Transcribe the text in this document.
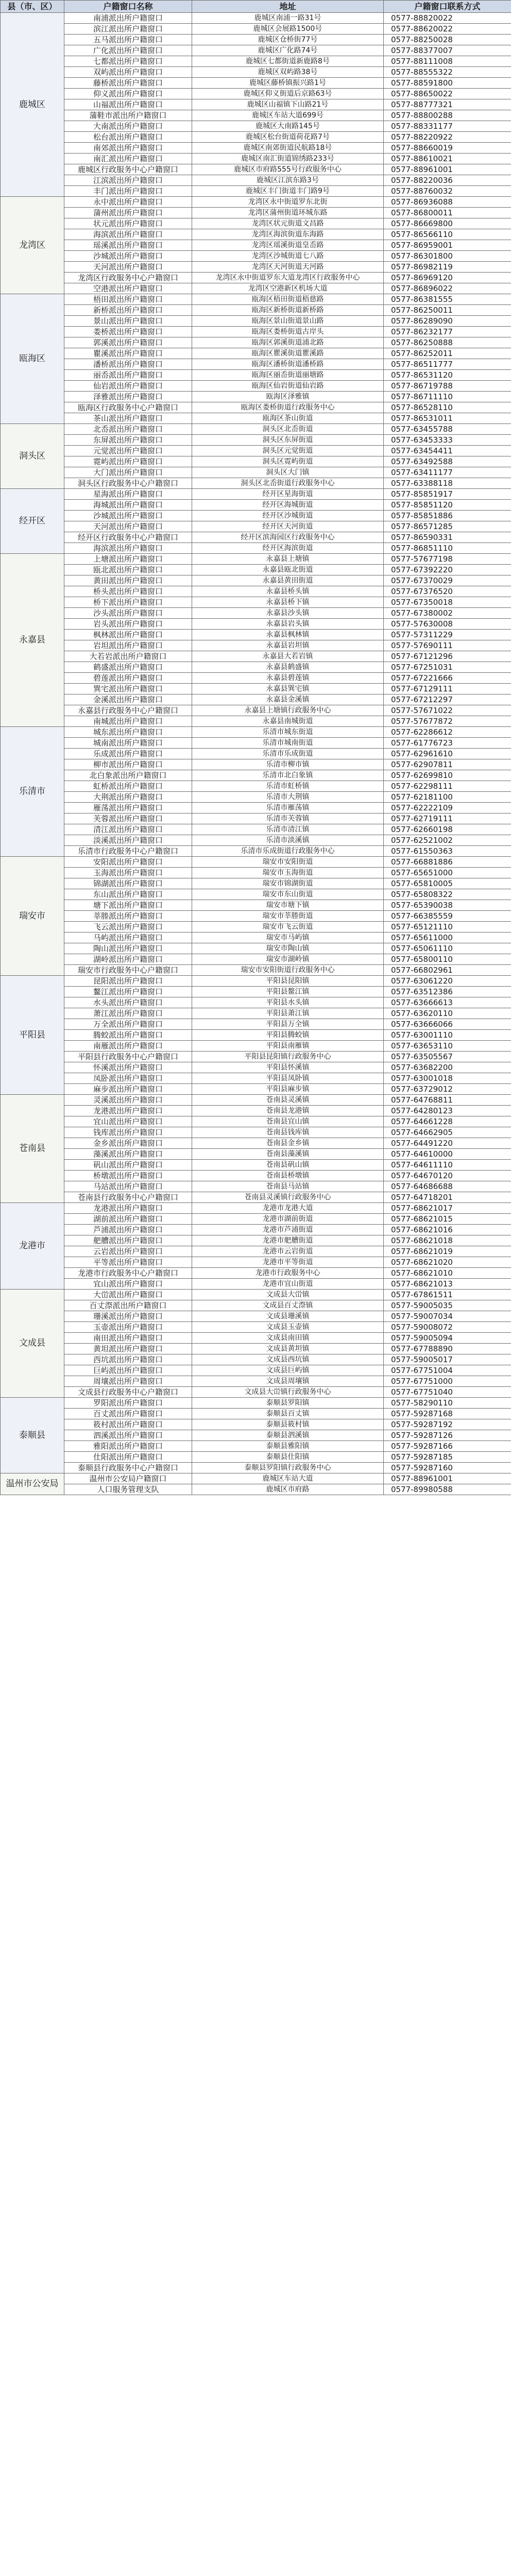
县（市、区）	户籍窗口名称	地址	户籍窗口联系方式
鹿城区	南浦派出所户籍窗口	鹿城区南浦一路31号	0577-88820022
	滨江派出所户籍窗口	鹿城区会展路1500号	0577-88620022
	五马派出所户籍窗口	鹿城区仓桥街77号	0577-88250028
	广化派出所户籍窗口	鹿城区广化路74号	0577-88377007
	七都派出所户籍窗口	鹿城区七都街道新鹿路8号	0577-88111008
	双屿派出所户籍窗口	鹿城区双屿路38号	0577-88555322
	藤桥派出所户籍窗口	鹿城区藤桥镇振兴路1号	0577-88591800
	仰义派出所户籍窗口	鹿城区仰义街道后京路63号	0577-88650022
	山福派出所户籍窗口	鹿城区山福镇下山路21号	0577-88777321
	蒲鞋市派出所户籍窗口	鹿城区车站大道699号	0577-88800288
	大南派出所户籍窗口	鹿城区大南路145号	0577-88331177
	松台派出所户籍窗口	鹿城区松台街道荷花路7号	0577-88220922
	南郊派出所户籍窗口	鹿城区南郊街道民航路18号	0577-88660019
	南汇派出所户籍窗口	鹿城区南汇街道锦绣路233号	0577-88610021
	鹿城区行政服务中心户籍窗口	鹿城区市府路555号行政服务中心	0577-88961001
	江滨派出所户籍窗口	鹿城区江滨东路3号	0577-88220036
	丰门派出所户籍窗口	鹿城区丰门街道丰门路9号	0577-88760032
龙湾区	永中派出所户籍窗口	龙湾区永中街道罗东北街	0577-86936088
	蒲州派出所户籍窗口	龙湾区蒲州街道环城东路	0577-86800011
	状元派出所户籍窗口	龙湾区状元街道文昌路	0577-86669800
	海滨派出所户籍窗口	龙湾区海滨街道东海路	0577-86566110
	瑶溪派出所户籍窗口	龙湾区瑶溪街道皇岙路	0577-86959001
	沙城派出所户籍窗口	龙湾区沙城街道七八路	0577-86301800
	天河派出所户籍窗口	龙湾区天河街道天河路	0577-86982119
	龙湾区行政服务中心户籍窗口	龙湾区永中街道罗东大道龙湾区行政服务中心	0577-86969120
	空港派出所户籍窗口	龙湾区空港新区机场大道	0577-86896022
瓯海区	梧田派出所户籍窗口	瓯海区梧田街道梧慈路	0577-86381555
	新桥派出所户籍窗口	瓯海区新桥街道新桥路	0577-86250011
	景山派出所户籍窗口	瓯海区景山街道景山路	0577-86289090
	娄桥派出所户籍窗口	瓯海区娄桥街道古岸头	0577-86232177
	郭溪派出所户籍窗口	瓯海区郭溪街道浦北路	0577-86250888
	瞿溪派出所户籍窗口	瓯海区瞿溪街道瞿溪路	0577-86252011
	潘桥派出所户籍窗口	瓯海区潘桥街道潘桥路	0577-86511777
	丽岙派出所户籍窗口	瓯海区丽岙街道丽塘路	0577-86531120
	仙岩派出所户籍窗口	瓯海区仙岩街道仙岩路	0577-86719788
	泽雅派出所户籍窗口	瓯海区泽雅镇	0577-86711110
	瓯海区行政服务中心户籍窗口	瓯海区娄桥街道行政服务中心	0577-86528110
	茶山派出所户籍窗口	瓯海区茶山街道	0577-86531011
洞头区	北岙派出所户籍窗口	洞头区北岙街道	0577-63455788
	东屏派出所户籍窗口	洞头区东屏街道	0577-63453333
	元觉派出所户籍窗口	洞头区元觉街道	0577-63454411
	霓屿派出所户籍窗口	洞头区霓屿街道	0577-63492588
	大门派出所户籍窗口	洞头区大门镇	0577-63411177
	洞头区行政服务中心户籍窗口	洞头区北岙街道行政服务中心	0577-63388118
经开区	星海派出所户籍窗口	经开区星海街道	0577-85851917
	海城派出所户籍窗口	经开区海城街道	0577-85851120
	沙城派出所户籍窗口	经开区沙城街道	0577-85851886
	天河派出所户籍窗口	经开区天河街道	0577-86571285
	经开区行政服务中心户籍窗口	经开区滨海园区行政服务中心	0577-86590331
	海滨派出所户籍窗口	经开区海滨街道	0577-86851110
永嘉县	上塘派出所户籍窗口	永嘉县上塘镇	0577-57677198
	瓯北派出所户籍窗口	永嘉县瓯北街道	0577-67392220
	黄田派出所户籍窗口	永嘉县黄田街道	0577-67370029
	桥头派出所户籍窗口	永嘉县桥头镇	0577-67376520
	桥下派出所户籍窗口	永嘉县桥下镇	0577-67350018
	沙头派出所户籍窗口	永嘉县沙头镇	0577-67380002
	岩头派出所户籍窗口	永嘉县岩头镇	0577-57630008
	枫林派出所户籍窗口	永嘉县枫林镇	0577-57311229
	岩坦派出所户籍窗口	永嘉县岩坦镇	0577-57690111
	大若岩派出所户籍窗口	永嘉县大若岩镇	0577-67121296
	鹤盛派出所户籍窗口	永嘉县鹤盛镇	0577-67251031
	碧莲派出所户籍窗口	永嘉县碧莲镇	0577-67221666
	巽宅派出所户籍窗口	永嘉县巽宅镇	0577-67129111
	金溪派出所户籍窗口	永嘉县金溪镇	0577-67212297
	永嘉县行政服务中心户籍窗口	永嘉县上塘镇行政服务中心	0577-57671022
	南城派出所户籍窗口	永嘉县南城街道	0577-57677872
乐清市	城东派出所户籍窗口	乐清市城东街道	0577-62286612
	城南派出所户籍窗口	乐清市城南街道	0577-61776723
	乐成派出所户籍窗口	乐清市乐成街道	0577-62961610
	柳市派出所户籍窗口	乐清市柳市镇	0577-62907811
	北白象派出所户籍窗口	乐清市北白象镇	0577-62699810
	虹桥派出所户籍窗口	乐清市虹桥镇	0577-62298111
	大荆派出所户籍窗口	乐清市大荆镇	0577-62181100
	雁荡派出所户籍窗口	乐清市雁荡镇	0577-62222109
	芙蓉派出所户籍窗口	乐清市芙蓉镇	0577-62719111
	清江派出所户籍窗口	乐清市清江镇	0577-62660198
	淡溪派出所户籍窗口	乐清市淡溪镇	0577-62521002
	乐清市行政服务中心户籍窗口	乐清市乐成街道行政服务中心	0577-61550363
瑞安市	安阳派出所户籍窗口	瑞安市安阳街道	0577-66881886
	玉海派出所户籍窗口	瑞安市玉海街道	0577-65651000
	锦湖派出所户籍窗口	瑞安市锦湖街道	0577-65810005
	东山派出所户籍窗口	瑞安市东山街道	0577-65808322
	塘下派出所户籍窗口	瑞安市塘下镇	0577-65390038
	莘塍派出所户籍窗口	瑞安市莘塍街道	0577-66385559
	飞云派出所户籍窗口	瑞安市飞云街道	0577-65121110
	马屿派出所户籍窗口	瑞安市马屿镇	0577-65611000
	陶山派出所户籍窗口	瑞安市陶山镇	0577-65061110
	湖岭派出所户籍窗口	瑞安市湖岭镇	0577-65800110
	瑞安市行政服务中心户籍窗口	瑞安市安阳街道行政服务中心	0577-66802961
平阳县	昆阳派出所户籍窗口	平阳县昆阳镇	0577-63061220
	鳌江派出所户籍窗口	平阳县鳌江镇	0577-63512386
	水头派出所户籍窗口	平阳县水头镇	0577-63666613
	萧江派出所户籍窗口	平阳县萧江镇	0577-63620110
	万全派出所户籍窗口	平阳县万全镇	0577-63666066
	腾蛟派出所户籍窗口	平阳县腾蛟镇	0577-63001110
	南雁派出所户籍窗口	平阳县南雁镇	0577-63653110
	平阳县行政服务中心户籍窗口	平阳县昆阳镇行政服务中心	0577-63505567
	怀溪派出所户籍窗口	平阳县怀溪镇	0577-63682200
	凤卧派出所户籍窗口	平阳县凤卧镇	0577-63001018
	麻步派出所户籍窗口	平阳县麻步镇	0577-63729012
苍南县	灵溪派出所户籍窗口	苍南县灵溪镇	0577-64768811
	龙港派出所户籍窗口	苍南县龙港镇	0577-64280123
	宜山派出所户籍窗口	苍南县宜山镇	0577-64661228
	钱库派出所户籍窗口	苍南县钱库镇	0577-64662905
	金乡派出所户籍窗口	苍南县金乡镇	0577-64491220
	藻溪派出所户籍窗口	苍南县藻溪镇	0577-64610000
	矾山派出所户籍窗口	苍南县矾山镇	0577-64611110
	桥墩派出所户籍窗口	苍南县桥墩镇	0577-64670120
	马站派出所户籍窗口	苍南县马站镇	0577-64686688
	苍南县行政服务中心户籍窗口	苍南县灵溪镇行政服务中心	0577-64718201
龙港市	龙港派出所户籍窗口	龙港市龙港大道	0577-68621017
	湖前派出所户籍窗口	龙港市湖前街道	0577-68621015
	芦浦派出所户籍窗口	龙港市芦浦街道	0577-68621016
	舥艚派出所户籍窗口	龙港市舥艚街道	0577-68621018
	云岩派出所户籍窗口	龙港市云岩街道	0577-68621019
	平等派出所户籍窗口	龙港市平等街道	0577-68621020
	龙港市行政服务中心户籍窗口	龙港市行政服务中心	0577-68621010
	宜山派出所户籍窗口	龙港市宜山街道	0577-68621013
文成县	大峃派出所户籍窗口	文成县大峃镇	0577-67861511
	百丈漈派出所户籍窗口	文成县百丈漈镇	0577-59005035
	珊溪派出所户籍窗口	文成县珊溪镇	0577-59007034
	玉壶派出所户籍窗口	文成县玉壶镇	0577-59008072
	南田派出所户籍窗口	文成县南田镇	0577-59005094
	黄坦派出所户籍窗口	文成县黄坦镇	0577-67788890
	西坑派出所户籍窗口	文成县西坑镇	0577-59005017
	巨屿派出所户籍窗口	文成县巨屿镇	0577-67751004
	周壤派出所户籍窗口	文成县周壤镇	0577-67751000
	文成县行政服务中心户籍窗口	文成县大峃镇行政服务中心	0577-67751040
泰顺县	罗阳派出所户籍窗口	泰顺县罗阳镇	0577-58290110
	百丈派出所户籍窗口	泰顺县百丈镇	0577-59287168
	筱村派出所户籍窗口	泰顺县筱村镇	0577-59287192
	泗溪派出所户籍窗口	泰顺县泗溪镇	0577-59287126
	雅阳派出所户籍窗口	泰顺县雅阳镇	0577-59287166
	仕阳派出所户籍窗口	泰顺县仕阳镇	0577-59287185
	泰顺县行政服务中心户籍窗口	泰顺县罗阳镇行政服务中心	0577-59287160
温州市公安局	温州市公安局户籍窗口	鹿城区车站大道	0577-88961001
	人口服务管理支队	鹿城区市府路	0577-89980588
